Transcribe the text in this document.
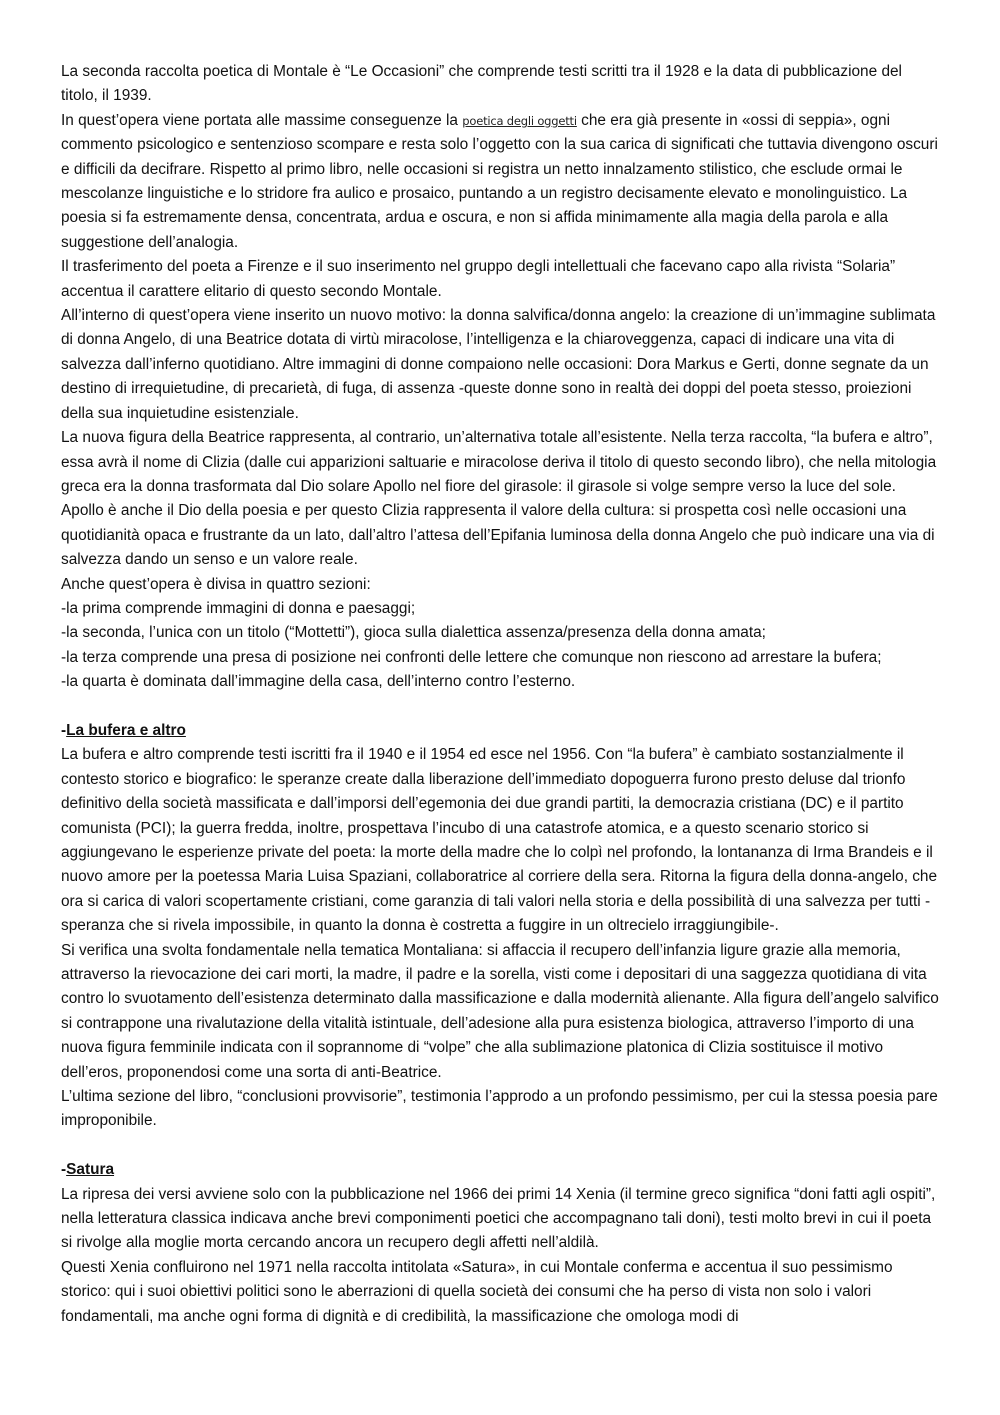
La seconda raccolta poetica di Montale è “Le Occasioni” che comprende testi scritti tra il 1928 e la data di pubblicazione del titolo, il 1939.

In quest’opera viene portata alle massime conseguenze la poetica degli oggetti che era già presente in «ossi di seppia», ogni commento psicologico e sentenzioso scompare e resta solo l’oggetto con la sua carica di significati che tuttavia divengono oscuri e difficili da decifrare. Rispetto al primo libro, nelle occasioni si registra un netto innalzamento stilistico, che esclude ormai le mescolanze linguistiche e lo stridore fra aulico e prosaico, puntando a un registro decisamente elevato e monolinguistico. La poesia si fa estremamente densa, concentrata, ardua e oscura, e non si affida minimamente alla magia della parola e alla suggestione dell’analogia.

Il trasferimento del poeta a Firenze e il suo inserimento nel gruppo degli intellettuali che facevano capo alla rivista “Solaria” accentua il carattere elitario di questo secondo Montale.

All’interno di quest’opera viene inserito un nuovo motivo: la donna salvifica/donna angelo: la creazione di un’immagine sublimata di donna Angelo, di una Beatrice dotata di virtù miracolose, l’intelligenza e la chiaroveggenza, capaci di indicare una vita di salvezza dall’inferno quotidiano. Altre immagini di donne compaiono nelle occasioni: Dora Markus e Gerti, donne segnate da un destino di irrequietudine, di precarietà, di fuga, di assenza -queste donne sono in realtà dei doppi del poeta stesso, proiezioni della sua inquietudine esistenziale.

La nuova figura della Beatrice rappresenta, al contrario, un’alternativa totale all’esistente. Nella terza raccolta, “la bufera e altro”, essa avrà il nome di Clizia (dalle cui apparizioni saltuarie e miracolose deriva il titolo di questo secondo libro), che nella mitologia greca era la donna trasformata dal Dio solare Apollo nel fiore del girasole: il girasole si volge sempre verso la luce del sole. Apollo è anche il Dio della poesia e per questo Clizia rappresenta il valore della cultura: si prospetta così nelle occasioni una quotidianità opaca e frustrante da un lato, dall’altro l’attesa dell’Epifania luminosa della donna Angelo che può indicare una via di salvezza dando un senso e un valore reale.

Anche quest’opera è divisa in quattro sezioni:

-la prima comprende immagini di donna e paesaggi;

-la seconda, l’unica con un titolo (“Mottetti”), gioca sulla dialettica assenza/presenza della donna amata;

-la terza comprende una presa di posizione nei confronti delle lettere che comunque non riescono ad arrestare la bufera;

-la quarta è dominata dall’immagine della casa, dell’interno contro l’esterno.

-La bufera e altro

La bufera e altro comprende testi iscritti fra il 1940 e il 1954 ed esce nel 1956. Con “la bufera” è cambiato sostanzialmente il contesto storico e biografico: le speranze create dalla liberazione dell’immediato dopoguerra furono presto deluse dal trionfo definitivo della società massificata e dall’imporsi dell’egemonia dei due grandi partiti, la democrazia cristiana (DC) e il partito comunista (PCI); la guerra fredda, inoltre, prospettava l’incubo di una catastrofe atomica, e a questo scenario storico si aggiungevano le esperienze private del poeta: la morte della madre che lo colpì nel profondo, la lontananza di Irma Brandeis e il nuovo amore per la poetessa Maria Luisa Spaziani, collaboratrice al corriere della sera. Ritorna la figura della donna-angelo, che ora si carica di valori scopertamente cristiani, come garanzia di tali valori nella storia e della possibilità di una salvezza per tutti -speranza che si rivela impossibile, in quanto la donna è costretta a fuggire in un oltrecielo irraggiungibile-.

Si verifica una svolta fondamentale nella tematica Montaliana: si affaccia il recupero dell’infanzia ligure grazie alla memoria, attraverso la rievocazione dei cari morti, la madre, il padre e la sorella, visti come i depositari di una saggezza quotidiana di vita contro lo svuotamento dell’esistenza determinato dalla massificazione e dalla modernità alienante. Alla figura dell’angelo salvifico si contrappone una rivalutazione della vitalità istintuale, dell’adesione alla pura esistenza biologica, attraverso l’importo di una nuova figura femminile indicata con il soprannome di “volpe” che alla sublimazione platonica di Clizia sostituisce il motivo dell’eros, proponendosi come una sorta di anti-Beatrice.

L’ultima sezione del libro, “conclusioni provvisorie”, testimonia l’approdo a un profondo pessimismo, per cui la stessa poesia pare improponibile.

-Satura

La ripresa dei versi avviene solo con la pubblicazione nel 1966 dei primi 14 Xenia (il termine greco significa “doni fatti agli ospiti”, nella letteratura classica indicava anche brevi componimenti poetici che accompagnano tali doni), testi molto brevi in cui il poeta si rivolge alla moglie morta cercando ancora un recupero degli affetti nell’aldilà.

Questi Xenia confluirono nel 1971 nella raccolta intitolata «Satura», in cui Montale conferma e accentua il suo pessimismo storico: qui i suoi obiettivi politici sono le aberrazioni di quella società dei consumi che ha perso di vista non solo i valori fondamentali, ma anche ogni forma di dignità e di credibilità, la massificazione che omologa modi di
